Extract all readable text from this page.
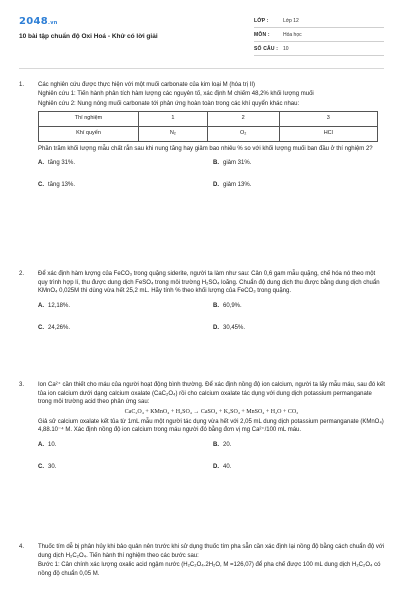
2048.vn
10 bài tập chuẩn độ Oxi Hoá - Khử có lời giải
LỚP :	Lớp 12
MÔN :	Hóa học
SỐ CÂU : 10
1. Các nghiên cứu được thực hiện với một muối carbonate của kim loại M (hóa trị II)

Nghiên cứu 1: Tiến hành phân tích hàm lượng các nguyên tố, xác định M chiếm 48,2% khối lượng muối

Nghiên cứu 2: Nung nóng muối carbonate tới phản ứng hoàn toàn trong các khí quyển khác nhau:

Thí nghiệm	1	2	3
Khí quyển	N₂	O₂	HCl

Phần trăm khối lượng mẫu chất rắn sau khi nung tăng hay giảm bao nhiêu % so với khối lượng muối ban đầu ở thí nghiệm 2?

A. tăng 31%.	B. giảm 31%.
C. tăng 13%.	D. giảm 13%.
2. Để xác định hàm lượng của FeCO₃ trong quặng siderite, người ta làm như sau: Cân 0,6 gam mẫu quặng, chế hóa nó theo một quy trình hợp lí, thu được dung dịch FeSO₄ trong môi trường H₂SO₄ loãng. Chuẩn độ dung dịch thu được bằng dung dịch chuẩn KMnO₄ 0,025M thì dùng vừa hết 25,2 mL. Hãy tính % theo khối lượng của FeCO₃ trong quặng.

A. 12,18%.	B. 60,9%.
C. 24,26%.	D. 30,45%.
3. Ion Ca²⁺ cần thiết cho máu của người hoạt động bình thường. Để xác định nồng độ ion calcium, người ta lấy mẫu máu, sau đó kết tủa ion calcium dưới dạng calcium oxalate (CaC₂O₄) rồi cho calcium oxalate tác dụng với dung dịch potassium permanganate trong môi trường acid theo phản ứng sau:

CaC₂O₄ + KMnO₄ + H₂SO₄ → CaSO₄ + K₂SO₄ + MnSO₄ + H₂O + CO₂

Giả sử calcium oxalate kết tủa từ 1mL mẫu một người tác dụng vừa hết với 2,05 mL dung dịch potassium permanganate (KMnO₄) 4,88.10⁻⁴ M. Xác định nồng độ ion calcium trong máu người đó bằng đơn vị mg Ca²⁺/100 mL máu.

A. 10.	B. 20.
C. 30.	D. 40.
4. Thuốc tím dễ bị phân hủy khi bảo quản nên trước khi sử dụng thuốc tím pha sẵn cần xác định lại nồng độ bằng cách chuẩn độ với dung dịch H₂C₂O₄. Tiến hành thí nghiệm theo các bước sau:

Bước 1: Cân chính xác lượng oxalic acid ngậm nước (H₂C₂O₄.2H₂O, M =126,07) để pha chế được 100 mL dung dịch H₂C₂O₄ có nồng độ chuẩn 0,05 M.
